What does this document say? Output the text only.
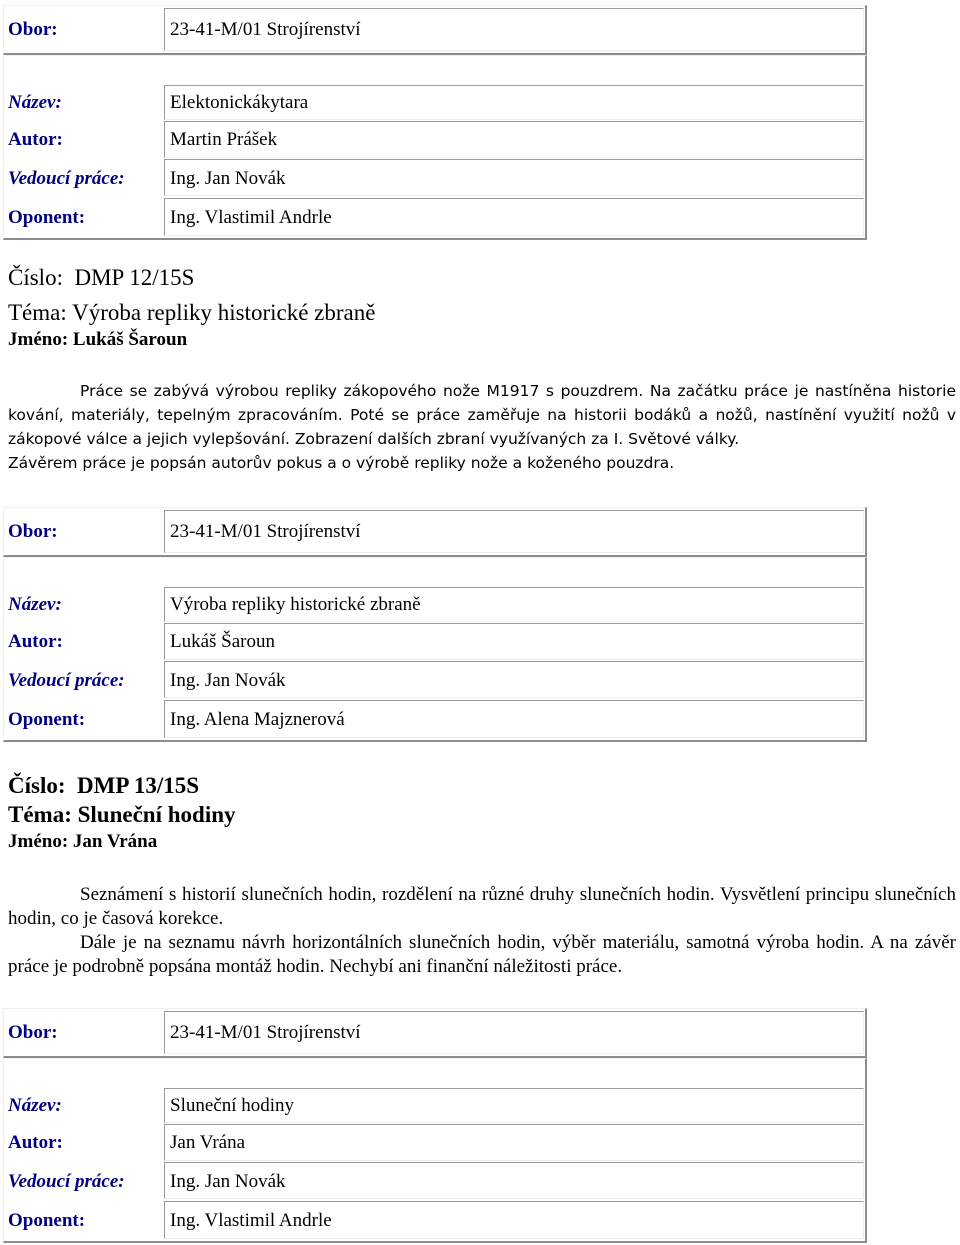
Obor:	23-41-M/01 Strojírenství
Název:	Elektonickákytara
Autor:	Martin Prášek
Vedoucí práce: Ing. Jan Novák
Oponent:	Ing. Vlastimil Andrle
Číslo: DMP 12/15S
Téma: Výroba repliky historické zbraně
Jméno: Lukáš Šaroun

Práce se zabývá výrobou repliky zákopového nože M1917 s pouzdrem. Na začátku práce je nastíněna historie kování, materiály, tepelným zpracováním. Poté se práce zaměřuje na historii bodáků a nožů, nastínění využití nožů v zákopové válce a jejich vylepšování. Zobrazení dalších zbraní využívaných za I. Světové války.

Závěrem práce je popsán autorův pokus a o výrobě repliky nože a koženého pouzdra.

Obor:	23-41-M/01 Strojírenství
Název:	Výroba repliky historické zbraně
Autor:	Lukáš Šaroun
Vedoucí práce: Ing. Jan Novák
Oponent:	Ing. Alena Majznerová
Číslo: DMP 13/15S
Téma: Sluneční hodiny
Jméno: Jan Vrána

Seznámení s historií slunečních hodin, rozdělení na různé druhy slunečních hodin. Vysvětlení principu slunečních hodin, co je časová korekce.

Dále je na seznamu návrh horizontálních slunečních hodin, výběr materiálu, samotná výroba hodin. A na závěr práce je podrobně popsána montáž hodin. Nechybí ani finanční náležitosti práce.

Obor:	23-41-M/01 Strojírenství
Název:	Sluneční hodiny
Autor:	Jan Vrána
Vedoucí práce: Ing. Jan Novák
Oponent:	Ing. Vlastimil Andrle
